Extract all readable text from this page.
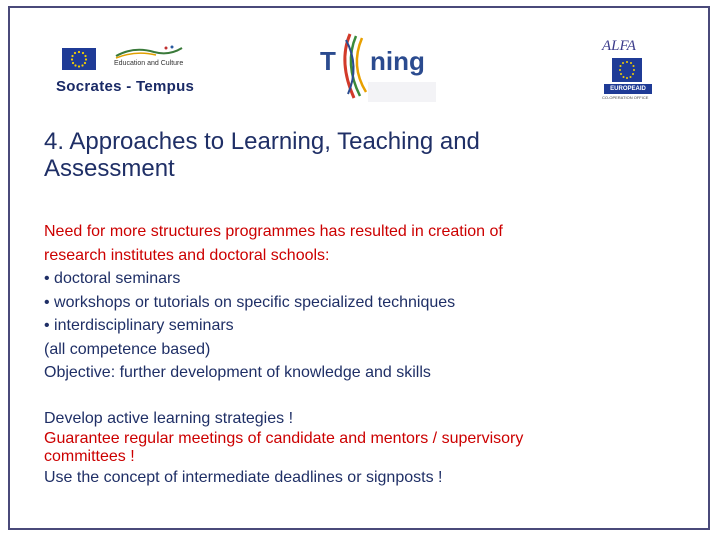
Education and Culture
Socrates - Tempus
T ning	ALFA
EUROPEAID
CO-OPERATION OFFICE
4. Approaches to Learning, Teaching and
Assessment
Need for more structures programmes has resulted in creation of
research institutes and doctoral schools:
• doctoral seminars
• workshops or tutorials on specific specialized techniques
• interdisciplinary seminars
(all competence based)
Objective: further development of knowledge and skills
Develop active learning strategies !
Guarantee regular meetings of candidate and mentors / supervisory
committees !
Use the concept of intermediate deadlines or signposts !
